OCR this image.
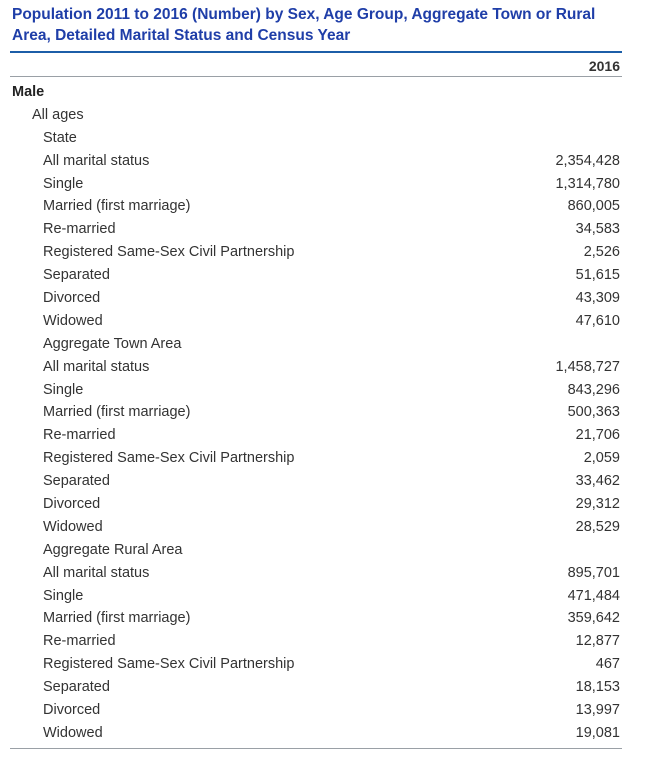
Population 2011 to 2016 (Number) by Sex, Age Group, Aggregate Town or Rural Area, Detailed Marital Status and Census Year
2016
Male
All ages
State
All marital status	2,354,428
Single	1,314,780
Married (first marriage)	860,005
Re-married	34,583
Registered Same-Sex Civil Partnership	2,526
Separated	51,615
Divorced	43,309
Widowed	47,610
Aggregate Town Area
All marital status	1,458,727
Single	843,296
Married (first marriage)	500,363
Re-married	21,706
Registered Same-Sex Civil Partnership	2,059
Separated	33,462
Divorced	29,312
Widowed	28,529
Aggregate Rural Area
All marital status	895,701
Single	471,484
Married (first marriage)	359,642
Re-married	12,877
Registered Same-Sex Civil Partnership	467
Separated	18,153
Divorced	13,997
Widowed	19,081
